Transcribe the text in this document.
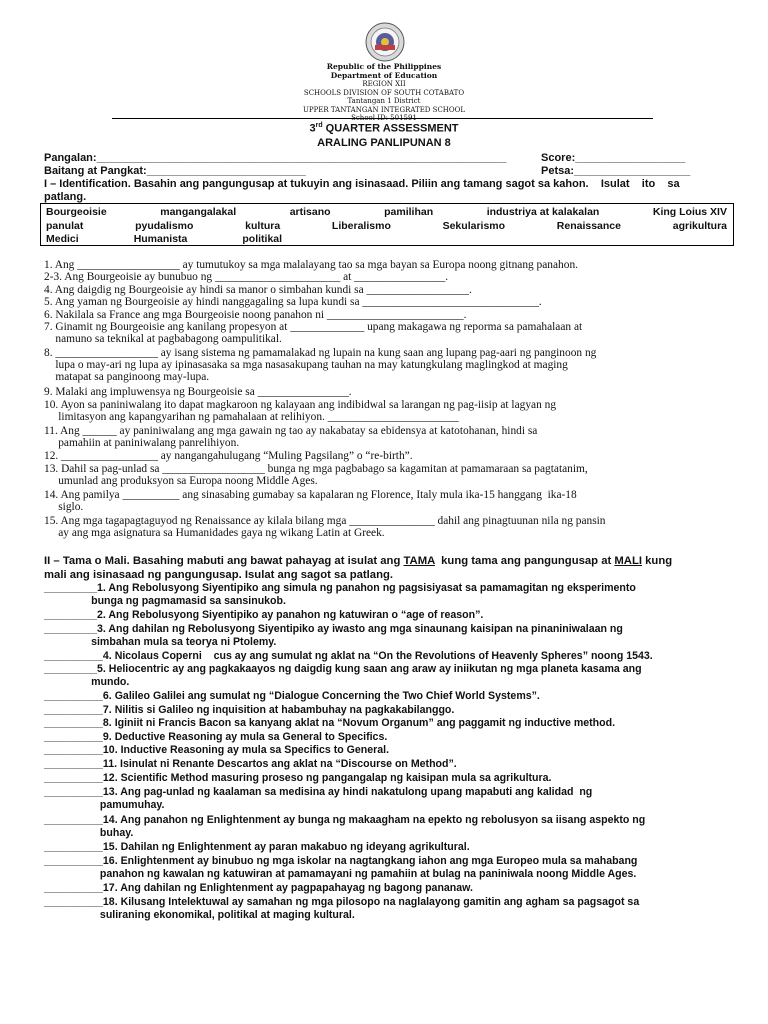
Republic of the Philippines
Department of Education
REGION XII
SCHOOLS DIVISION OF SOUTH COTABATO
Tantangan 1 District
UPPER TANTANGAN INTEGRATED SCHOOL
School ID: 501591
3rd QUARTER ASSESSMENT
ARALING PANLIPUNAN 8
Pangalan:___________________________________________________________________	Score:__________________
Baitang at Pangkat:__________________________	Petsa:___________________
I – Identification. Basahin ang pangungusap at tukuyin ang isinasaad. Piliin ang tamang sagot sa kahon.    Isulat    ito    sa
patlang.
Bourgeoisie	mangangalakal	artisano	pamilihan	industriya at kalakalan	King Loius XIV
panulat	pyudalismo	kultura	Liberalismo	Sekularismo	Renaissance	agrikultura
Medici	Humanista	politikal
1. Ang __________________ ay tumutukoy sa mga malalayang tao sa mga bayan sa Europa noong gitnang panahon.
2-3. Ang Bourgeoisie ay bunubuo ng ______________________ at ________________.
4. Ang daigdig ng Bourgeoisie ay hindi sa manor o simbahan kundi sa __________________.
5. Ang yaman ng Bourgeoisie ay hindi nanggagaling sa lupa kundi sa _______________________________.
6. Nakilala sa France ang mga Bourgeoisie noong panahon ni ________________________.
7. Ginamit ng Bourgeoisie ang kanilang propesyon at _____________ upang makagawa ng reporma sa pamahalaan at
namuno sa teknikal at pagbabagong oampulitikal.
8. __________________ ay isang sistema ng pamamalakad ng lupain na kung saan ang lupang pag-aari ng panginoon ng
lupa o may-ari ng lupa ay ipinasasaka sa mga nasasakupang tauhan na may katungkulang maglingkod at maging
matapat sa panginoong may-lupa.
9. Malaki ang impluwensya ng Bourgeoisie sa ________________.
10. Ayon sa paniniwalang ito dapat magkaroon ng kalayaan ang indibidwal sa larangan ng pag-iisip at lagyan ng
limitasyon ang kapangyarihan ng pamahalaan at relihiyon. _______________________
11. Ang ______ ay paniniwalang ang mga gawain ng tao ay nakabatay sa ebidensya at katotohanan, hindi sa
pamahiin at paniniwalang panrelihiyon.
12. _________________ ay nangangahulugang “Muling Pagsilang” o “re-birth”.
13. Dahil sa pag-unlad sa __________________ bunga ng mga pagbabago sa kagamitan at pamamaraan sa pagtatanim,
umunlad ang produksyon sa Europa noong Middle Ages.
14. Ang pamilya __________ ang sinasabing gumabay sa kapalaran ng Florence, Italy mula ika-15 hanggang  ika-18
siglo.
15. Ang mga tagapagtaguyod ng Renaissance ay kilala bilang mga _______________ dahil ang pinagtuunan nila ng pansin
ay ang mga asignatura sa Humanidades gaya ng wikang Latin at Greek.
II – Tama o Mali. Basahing mabuti ang bawat pahayag at isulat ang TAMA  kung tama ang pangungusap at MALI kung
mali ang isinasaad ng pangungusap. Isulat ang sagot sa patlang.
_________1. Ang Rebolusyong Siyentipiko ang simula ng panahon ng pagsisiyasat sa pamamagitan ng eksperimento
bunga ng pagmamasid sa sansinukob.
_________2. Ang Rebolusyong Siyentipiko ay panahon ng katuwiran o “age of reason”.
_________3. Ang dahilan ng Rebolusyong Siyentipiko ay iwasto ang mga sinaunang kaisipan na pinaniniwalaan ng
simbahan mula sa teorya ni Ptolemy.
__________4. Nicolaus Coperni    cus ay ang sumulat ng aklat na “On the Revolutions of Heavenly Spheres” noong 1543.
_________5. Heliocentric ay ang pagkakaayos ng daigdig kung saan ang araw ay iniikutan ng mga planeta kasama ang
mundo.
__________6. Galileo Galilei ang sumulat ng “Dialogue Concerning the Two Chief World Systems”.
__________7. Nilitis si Galileo ng inquisition at habambuhay na pagkakabilanggo.
__________8. Iginiit ni Francis Bacon sa kanyang aklat na “Novum Organum” ang paggamit ng inductive method.
__________9. Deductive Reasoning ay mula sa General to Specifics.
__________10. Inductive Reasoning ay mula sa Specifics to General.
__________11. Isinulat ni Renante Descartos ang aklat na “Discourse on Method”.
__________12. Scientific Method masuring proseso ng pangangalap ng kaisipan mula sa agrikultura.
__________13. Ang pag-unlad ng kaalaman sa medisina ay hindi nakatulong upang mapabuti ang kalidad  ng
pamumuhay.
__________14. Ang panahon ng Enlightenment ay bunga ng makaagham na epekto ng rebolusyon sa iisang aspekto ng
buhay.
__________15. Dahilan ng Enlightenment ay paran makabuo ng ideyang agrikultural.
__________16. Enlightenment ay binubuo ng mga iskolar na nagtangkang iahon ang mga Europeo mula sa mahabang
panahon ng kawalan ng katuwiran at pamamayani ng pamahiin at bulag na paniniwala noong Middle Ages.
__________17. Ang dahilan ng Enlightenment ay pagpapahayag ng bagong pananaw.
__________18. Kilusang Intelektuwal ay samahan ng mga pilosopo na naglalayong gamitin ang agham sa pagsagot sa
suliraning ekonomikal, politikal at maging kultural.
